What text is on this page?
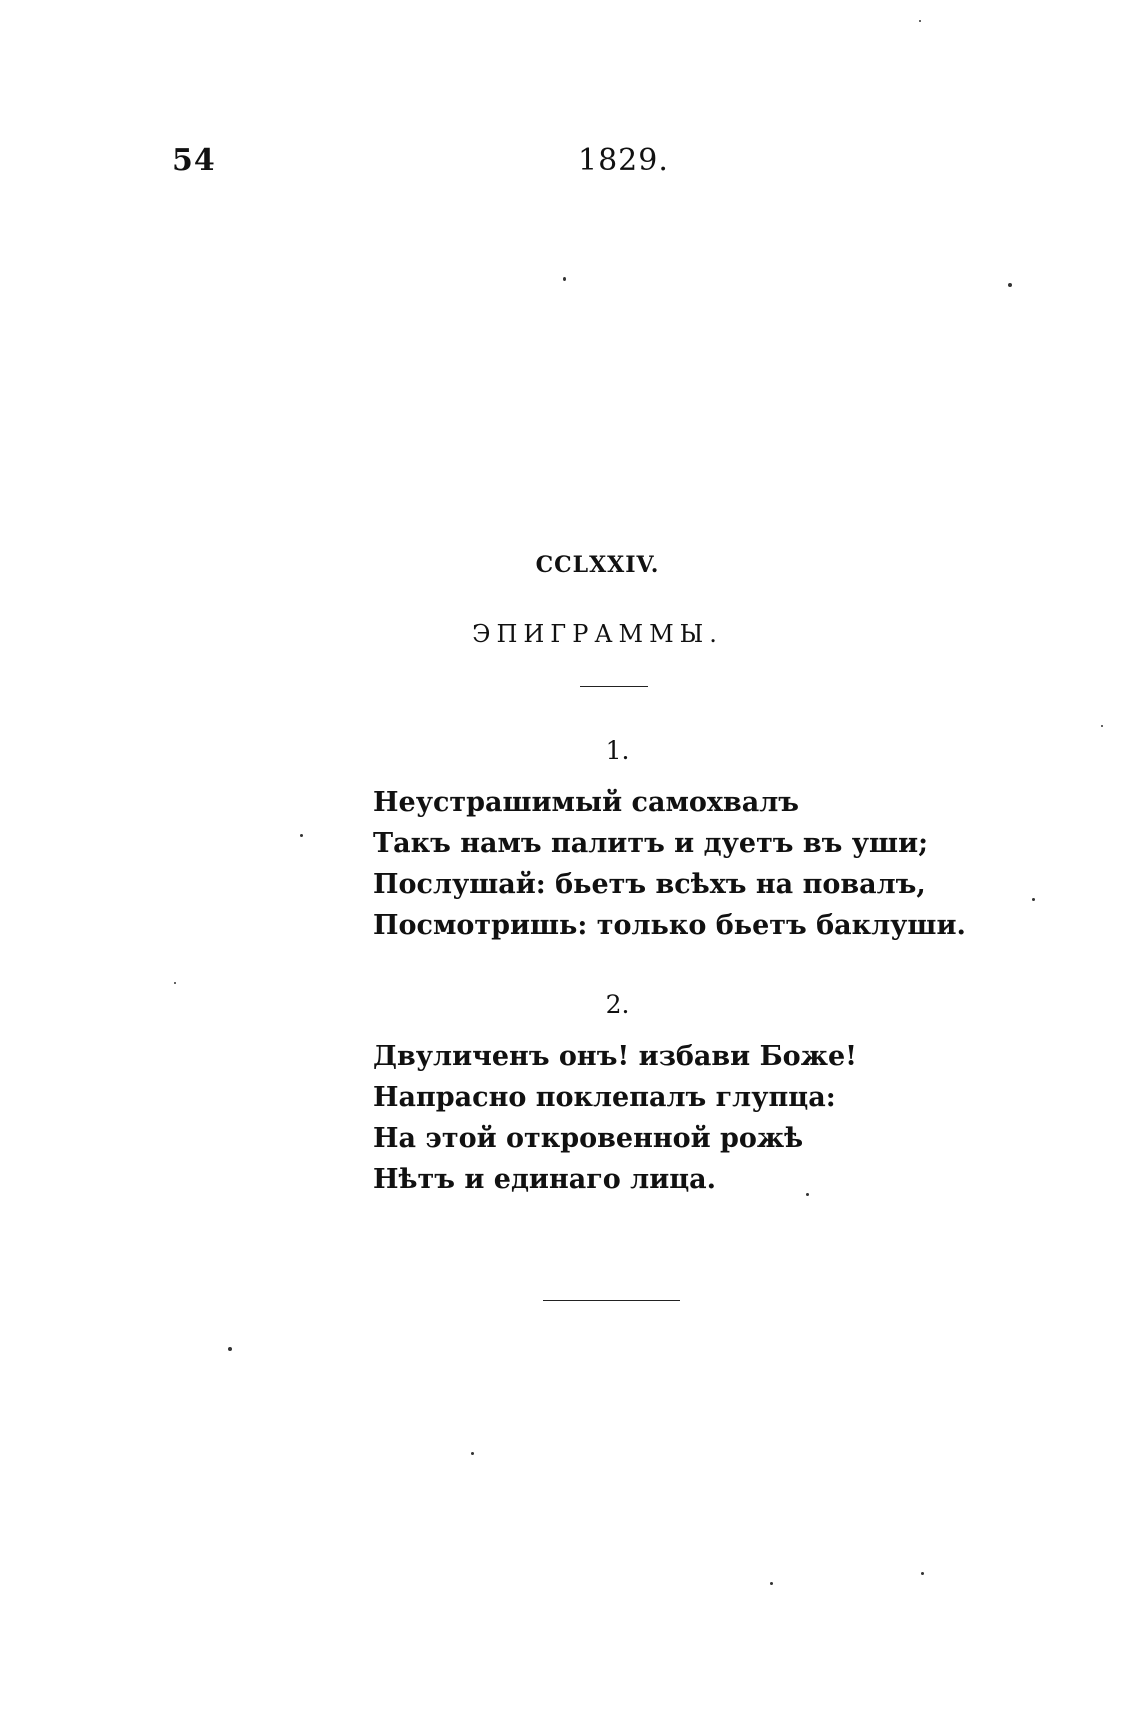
54	1829.
CCLXXIV.
ЭПИГРАММЫ.
1.
Неустрашимый самохвалъ
Такъ намъ палитъ и дуетъ въ уши;
Послушай: бьетъ всѣхъ на повалъ,
Посмотришь: только бьетъ баклуши.
2.
Двуличенъ онъ! избави Боже!
Напрасно поклепалъ глупца:
На этой откровенной рожѣ
Нѣтъ и единаго лица.
